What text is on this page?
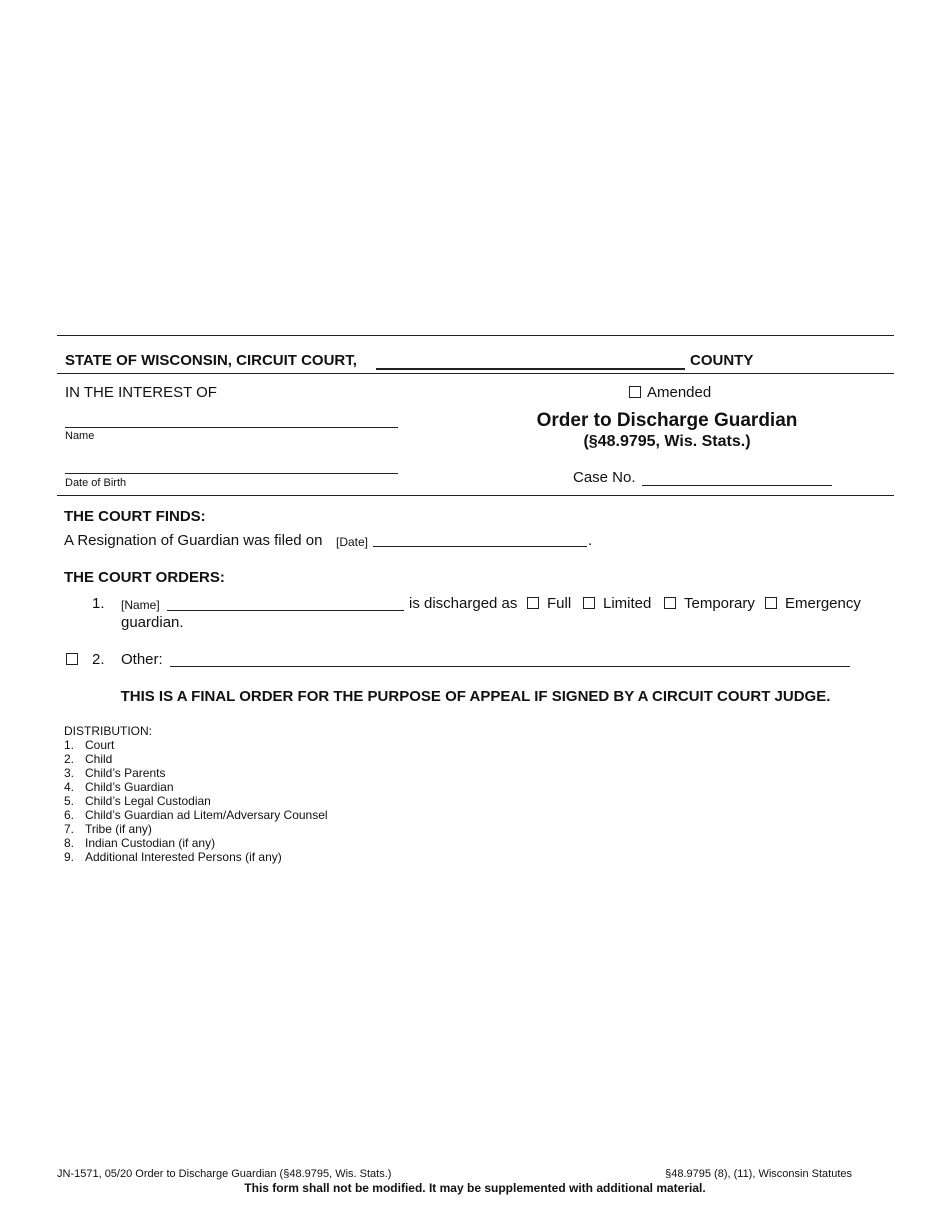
STATE OF WISCONSIN, CIRCUIT COURT,	COUNTY
IN THE INTEREST OF
Name
Date of Birth
Amended
Order to Discharge Guardian
(§48.9795, Wis. Stats.)
Case No.
THE COURT FINDS:
A Resignation of Guardian was filed on [Date]	.
THE COURT ORDERS:
1. [Name]	is discharged as Full Limited Temporary Emergency
guardian.
2. Other:
THIS IS A FINAL ORDER FOR THE PURPOSE OF APPEAL IF SIGNED BY A CIRCUIT COURT JUDGE.
DISTRIBUTION:
1. Court
2. Child
3. Child’s Parents
4. Child’s Guardian
5. Child’s Legal Custodian
6. Child’s Guardian ad Litem/Adversary Counsel
7. Tribe (if any)
8. Indian Custodian (if any)
9. Additional Interested Persons (if any)
JN-1571, 05/20 Order to Discharge Guardian (§48.9795, Wis. Stats.)	§48.9795 (8), (11), Wisconsin Statutes
This form shall not be modified. It may be supplemented with additional material.
